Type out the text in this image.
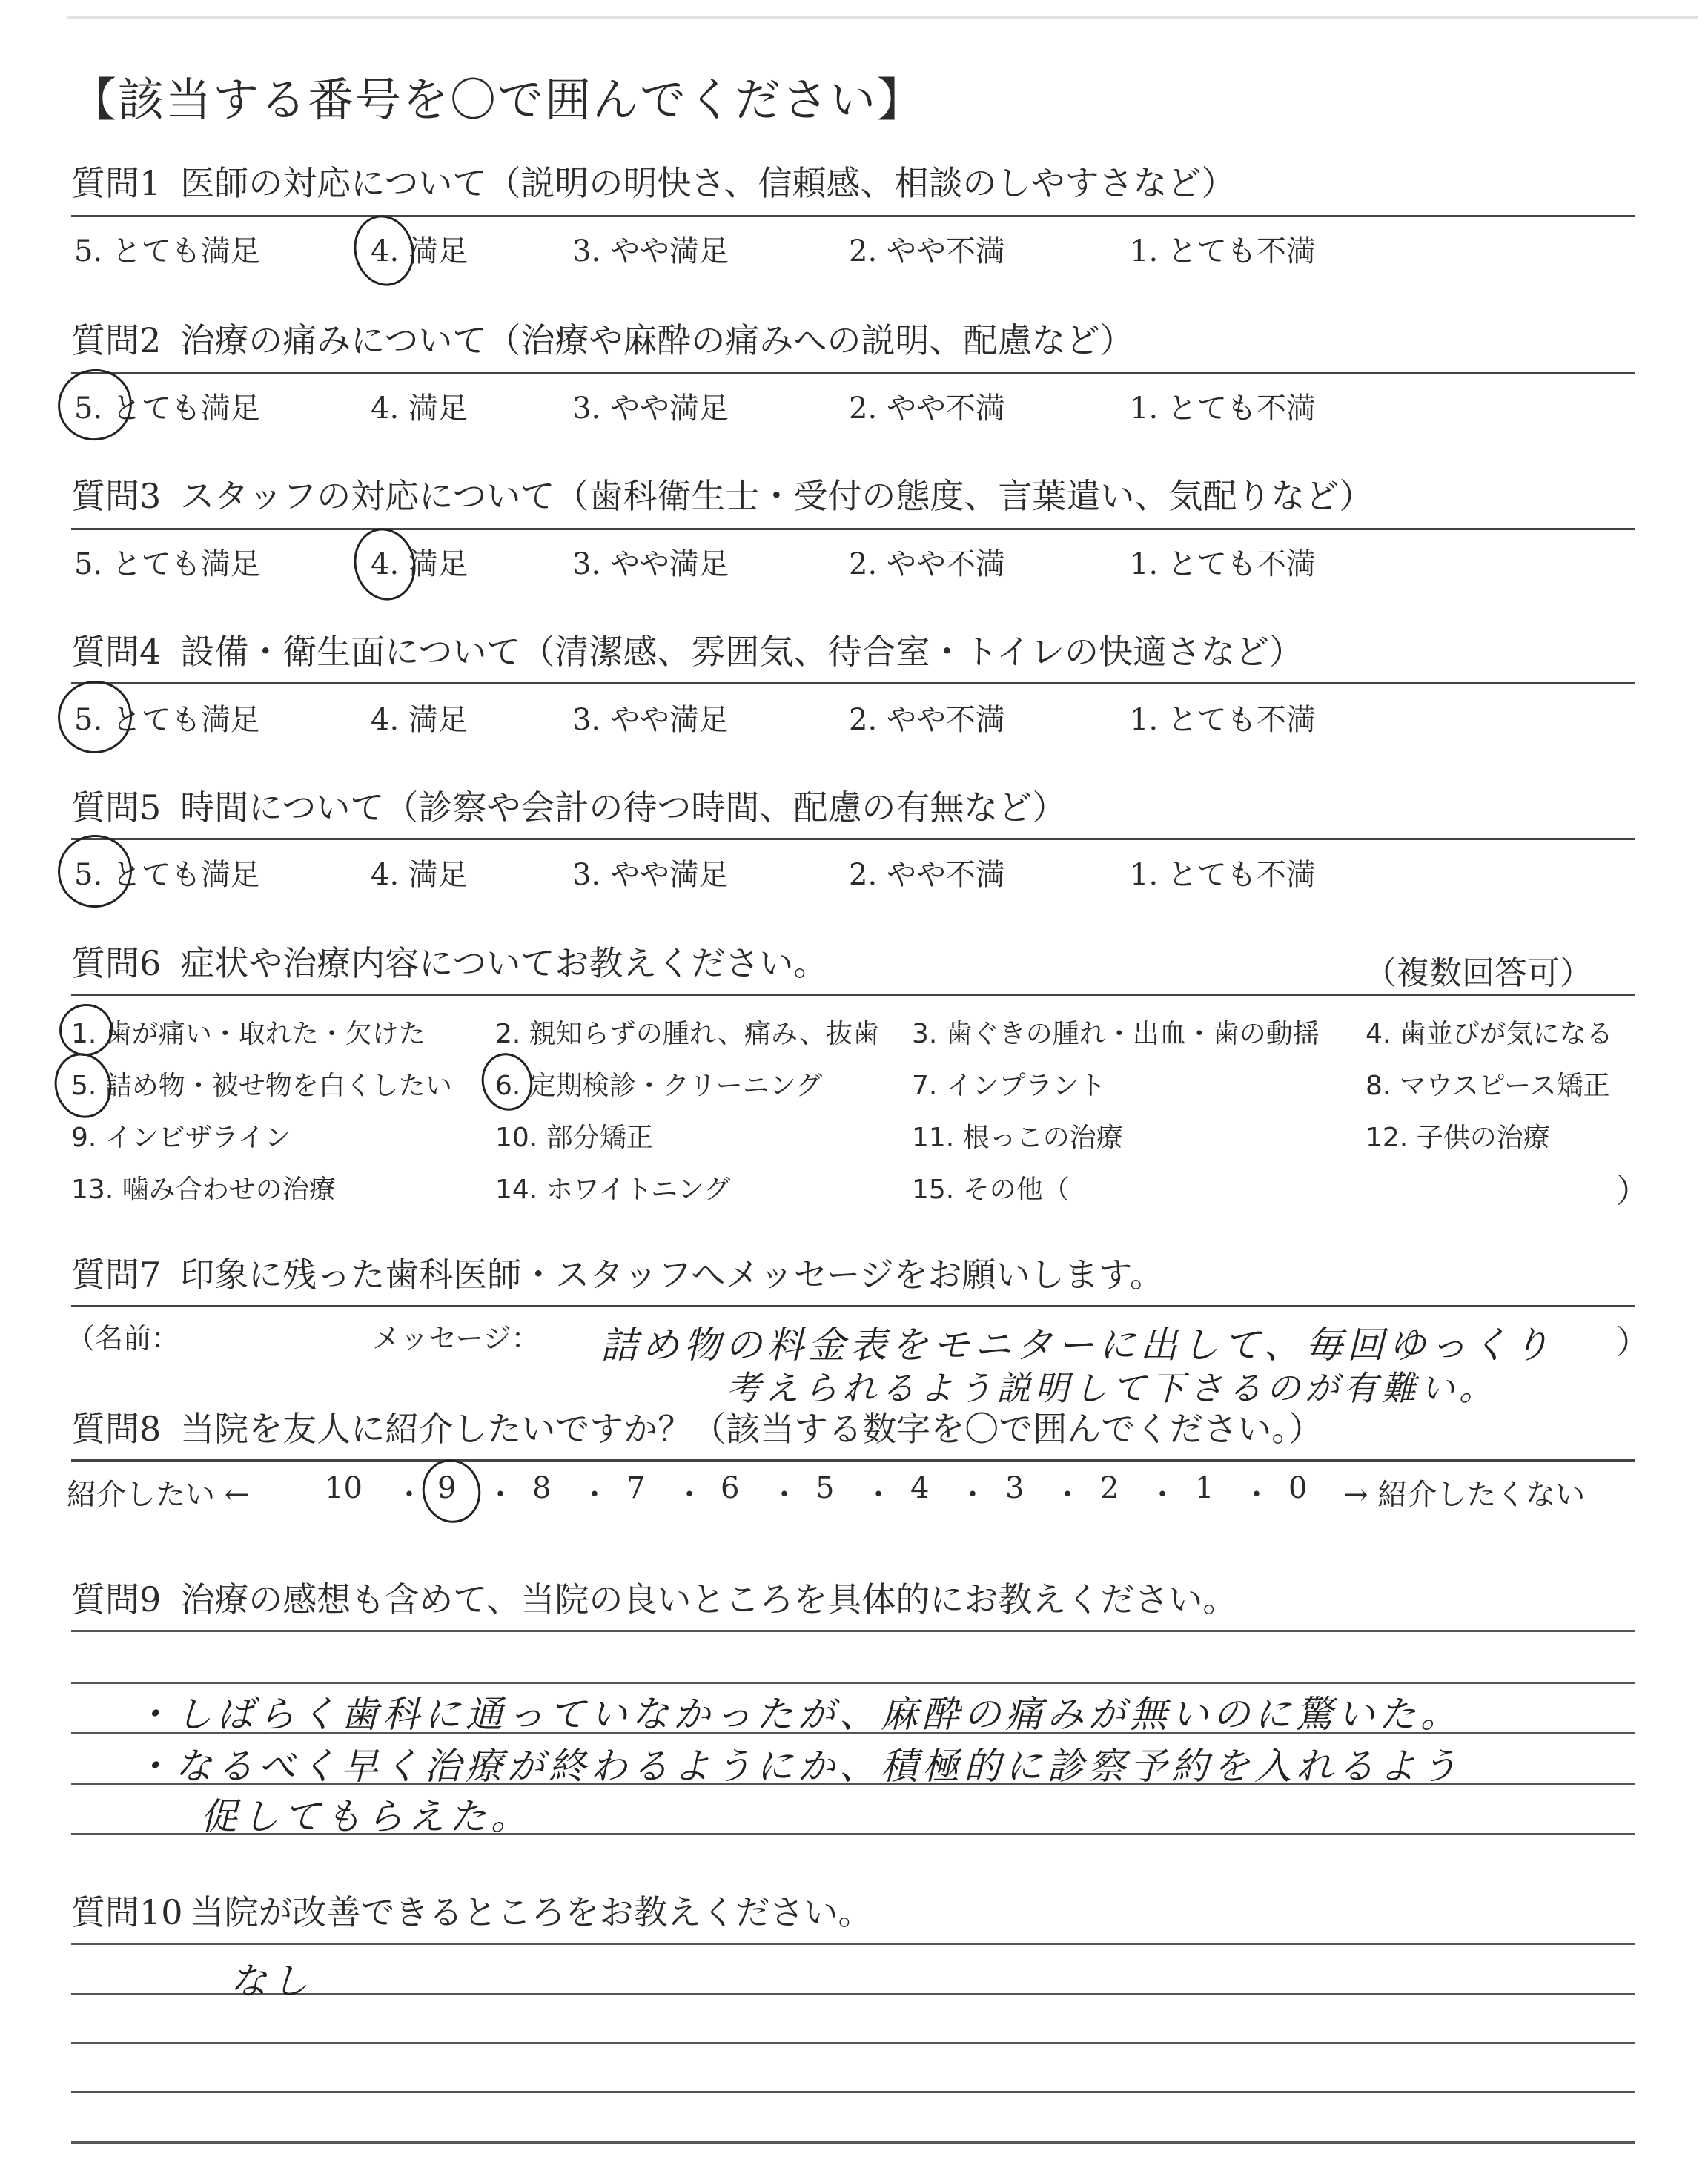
【該当する番号を〇で囲んでください】
質問1 医師の対応について（説明の明快さ、信頼感、相談のしやすさなど）
5. とても満足	4. 満足	3. やや満足	2. やや不満	1. とても不満
質問2 治療の痛みについて（治療や麻酔の痛みへの説明、配慮など）
5. とても満足	4. 満足	3. やや満足	2. やや不満	1. とても不満
質問3 スタッフの対応について（歯科衛生士・受付の態度、言葉遣い、気配りなど）
5. とても満足	4. 満足	3. やや満足	2. やや不満	1. とても不満
質問4 設備・衛生面について（清潔感、雰囲気、待合室・トイレの快適さなど）
5. とても満足	4. 満足	3. やや満足	2. やや不満	1. とても不満
質問5 時間について（診察や会計の待つ時間、配慮の有無など）
5. とても満足	4. 満足	3. やや満足	2. やや不満	1. とても不満
質問6 症状や治療内容についてお教えください。	（複数回答可）
1. 歯が痛い・取れた・欠けた	2. 親知らずの腫れ、痛み、抜歯 3. 歯ぐきの腫れ・出血・歯の動揺 4. 歯並びが気になる
5. 詰め物・被せ物を白くしたい 6. 定期検診・クリーニング	7. インプラント	8. マウスピース矯正
9. インビザライン	10. 部分矯正	11. 根っこの治療	12. 子供の治療
13. 噛み合わせの治療	14. ホワイトニング	15. その他（	）
質問7 印象に残った歯科医師・スタッフへメッセージをお願いします。
（名前：	メッセージ： 詰め物の料金表をモニターに出して、毎回ゆっくり
考えられるよう説明して下さるのが有難い。
）
質問8 当院を友人に紹介したいですか？（該当する数字を〇で囲んでください。）
紹介したい ←	10 ・ 9 ・ 8 ・ 7 ・ 6 ・ 5 ・ 4 ・ 3 ・ 2 ・ 1 ・ 0 → 紹介したくない
質問9 治療の感想も含めて、当院の良いところを具体的にお教えください。
・しばらく歯科に通っていなかったが、麻酔の痛みが無いのに驚いた。
・なるべく早く治療が終わるようにか、積極的に診察予約を入れるよう
促してもらえた。
質問10 当院が改善できるところをお教えください。
なし
